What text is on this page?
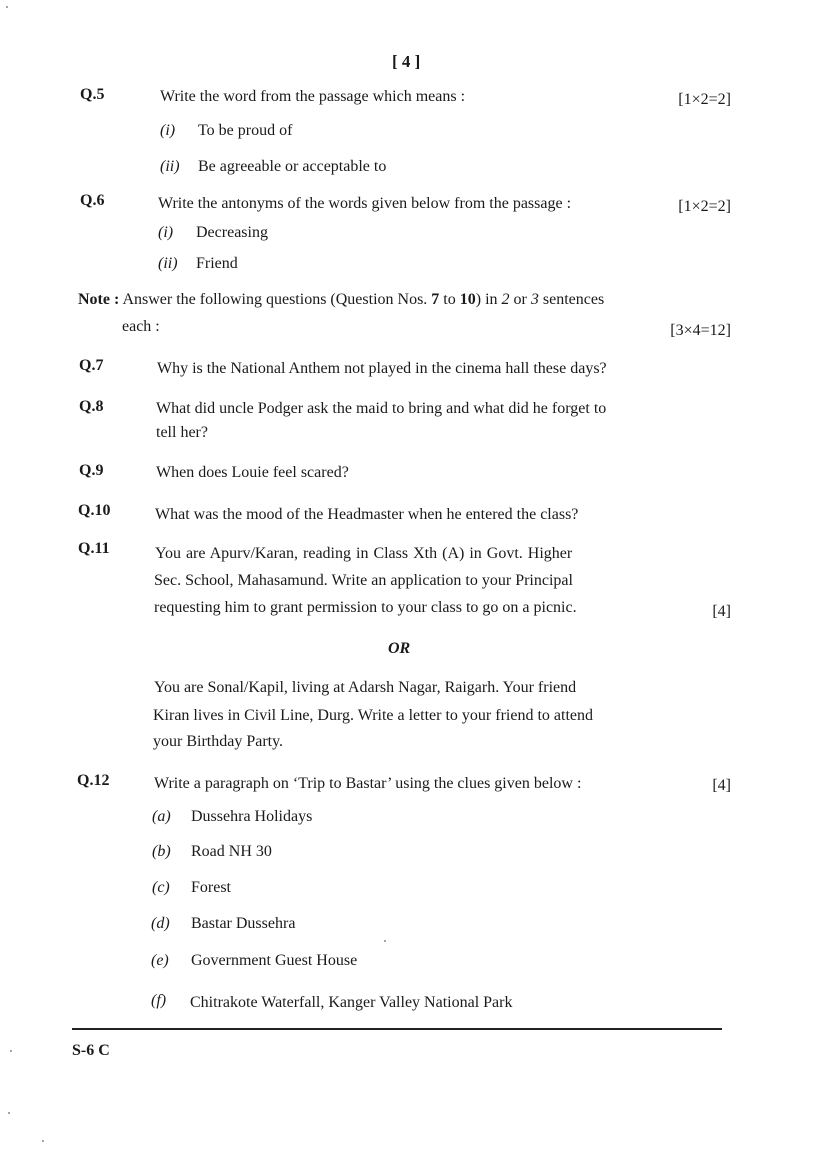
[ 4 ]
Q.5	Write the word from the passage which means :	[1×2=2]
(i) To be proud of
(ii) Be agreeable or acceptable to
Q.6	Write the antonyms of the words given below from the passage :	[1×2=2]
(i) Decreasing
(ii) Friend
Note : Answer the following questions (Question Nos. 7 to 10) in 2 or 3 sentences
each :	[3×4=12]
Q.7	Why is the National Anthem not played in the cinema hall these days?
Q.8	What did uncle Podger ask the maid to bring and what did he forget to
tell her?
Q.9	When does Louie feel scared?
Q.10	What was the mood of the Headmaster when he entered the class?
Q.11	You are Apurv/Karan, reading in Class Xth (A) in Govt. Higher
Sec. School, Mahasamund. Write an application to your Principal
requesting him to grant permission to your class to go on a picnic.	[4]
OR
You are Sonal/Kapil, living at Adarsh Nagar, Raigarh. Your friend
Kiran lives in Civil Line, Durg. Write a letter to your friend to attend
your Birthday Party.
Q.12	Write a paragraph on ‘Trip to Bastar’ using the clues given below :	[4]
(a) Dussehra Holidays
(b) Road NH 30
(c) Forest
(d) Bastar Dussehra
(e) Government Guest House
(f) Chitrakote Waterfall, Kanger Valley National Park
S-6 C
